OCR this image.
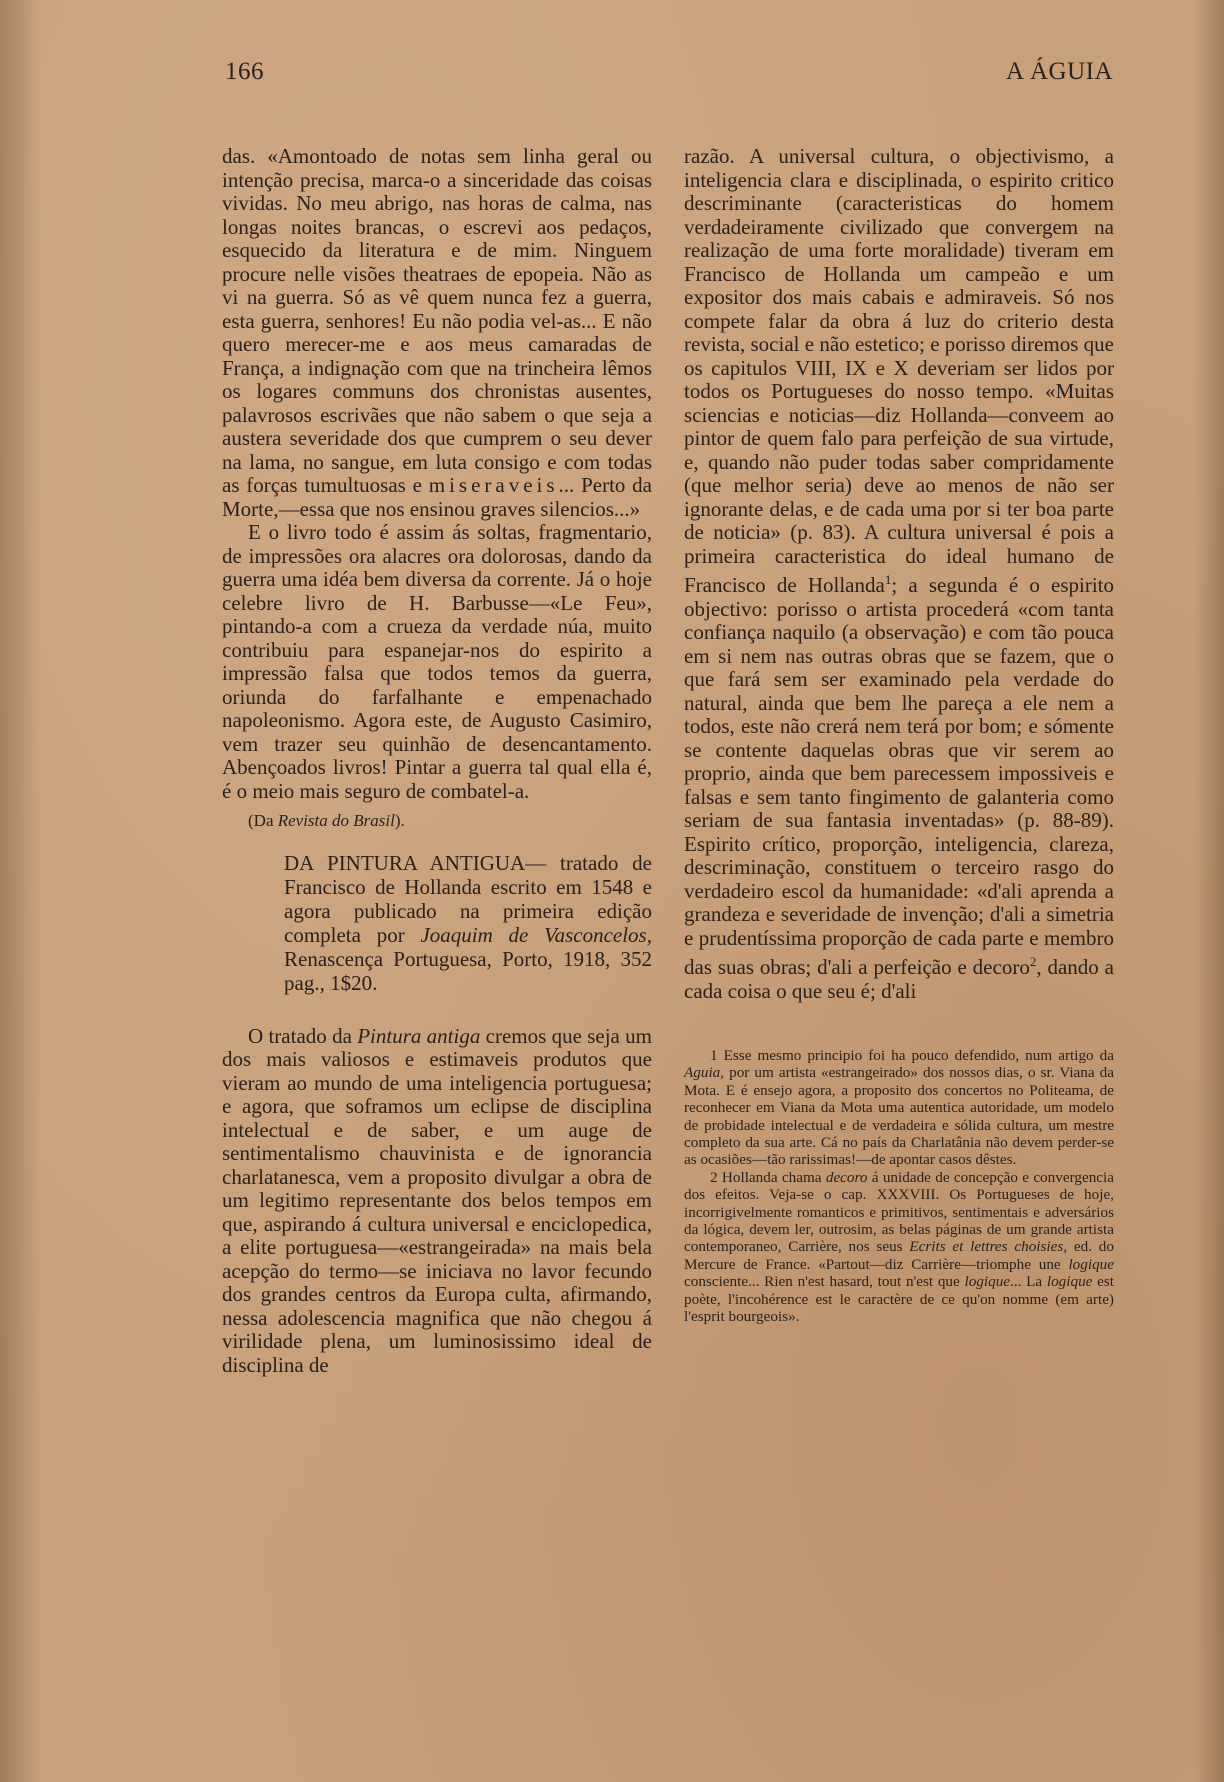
166	A ÁGUIA

das. «Amontoado de notas sem linha geral ou intenção precisa, marca-o a sinceridade das coisas vividas. No meu abrigo, nas horas de calma, nas longas noites brancas, o escrevi aos pedaços, esquecido da literatura e de mim. Ninguem procure nelle visões theatraes de epopeia. Não as vi na guerra. Só as vê quem nunca fez a guerra, esta guerra, senhores! Eu não podia vel-as... E não quero merecer-me e aos meus camaradas de França, a indignação com que na trincheira lêmos os logares communs dos chronistas ausentes, palavrosos escrivães que não sabem o que seja a austera severidade dos que cumprem o seu dever na lama, no sangue, em luta consigo e com todas as forças tumultuosas e miseraveis... Perto da Morte,—essa que nos ensinou graves silencios...»

E o livro todo é assim ás soltas, fragmentario, de impressões ora alacres ora dolorosas, dando da guerra uma idéa bem diversa da corrente. Já o hoje celebre livro de H. Barbusse—«Le Feu», pintando-a com a crueza da verdade núa, muito contribuiu para espanejar-nos do espirito a impressão falsa que todos temos da guerra, oriunda do farfalhante e empenachado napoleonismo. Agora este, de Augusto Casimiro, vem trazer seu quinhão de desencantamento. Abençoados livros! Pintar a guerra tal qual ella é, é o meio mais seguro de combatel-a.

(Da Revista do Brasil).

DA PINTURA ANTIGUA— tratado de Francisco de Hollanda escrito em 1548 e agora publicado na primeira edição completa por Joaquim de Vasconcelos, Renascença Portuguesa, Porto, 1918, 352 pag., 1$20.

O tratado da Pintura antiga cremos que seja um dos mais valiosos e estimaveis produtos que vieram ao mundo de uma inteligencia portuguesa; e agora, que soframos um eclipse de disciplina intelectual e de saber, e um auge de sentimentalismo chauvinista e de ignorancia charlatanesca, vem a proposito divulgar a obra de um legitimo representante dos belos tempos em que, aspirando á cultura universal e enciclopedica, a elite portuguesa—«estrangeirada» na mais bela acepção do termo—se iniciava no lavor fecundo dos grandes centros da Europa culta, afirmando, nessa adolescencia magnifica que não chegou á virilidade plena, um luminosissimo ideal de disciplina de

razão. A universal cultura, o objectivismo, a inteligencia clara e disciplinada, o espirito critico descriminante (caracteristicas do homem verdadeiramente civilizado que convergem na realização de uma forte moralidade) tiveram em Francisco de Hollanda um campeão e um expositor dos mais cabais e admiraveis. Só nos compete falar da obra á luz do criterio desta revista, social e não estetico; e porisso diremos que os capitulos VIII, IX e X deveriam ser lidos por todos os Portugueses do nosso tempo. «Muitas sciencias e noticias—diz Hollanda—conveem ao pintor de quem falo para perfeição de sua virtude, e, quando não puder todas saber compridamente (que melhor seria) deve ao menos de não ser ignorante delas, e de cada uma por si ter boa parte de noticia» (p. 83). A cultura universal é pois a primeira caracteristica do ideal humano de Francisco de Hollanda$^1$; a segunda é o espirito objectivo: porisso o artista procederá «com tanta confiança naquilo (a observação) e com tão pouca em si nem nas outras obras que se fazem, que o que fará sem ser examinado pela verdade do natural, ainda que bem lhe pareça a ele nem a todos, este não crerá nem terá por bom; e sómente se contente daquelas obras que vir serem ao proprio, ainda que bem parecessem impossiveis e falsas e sem tanto fingimento de galanteria como seriam de sua fantasia inventadas» (p. 88-89). Espirito crítico, proporção, inteligencia, clareza, descriminação, constituem o terceiro rasgo do verdadeiro escol da humanidade: «d'ali aprenda a grandeza e severidade de invenção; d'ali a simetria e prudentíssima proporção de cada parte e membro das suas obras; d'ali a perfeição e decoro$^2$, dando a cada coisa o que seu é; d'ali

1 Esse mesmo principio foi ha pouco defendido, num artigo da Aguia, por um artista «estrangeirado» dos nossos dias, o sr. Viana da Mota. E é ensejo agora, a proposito dos concertos no Politeama, de reconhecer em Viana da Mota uma autentica autoridade, um modelo de probidade intelectual e de verdadeira e sólida cultura, um mestre completo da sua arte. Cá no país da Charlatânia não devem perder-se as ocasiões—tão rarissimas!—de apontar casos dêstes.

2 Hollanda chama decoro á unidade de concepção e convergencia dos efeitos. Veja-se o cap. XXXVIII. Os Portugueses de hoje, incorrigivelmente romanticos e primitivos, sentimentais e adversários da lógica, devem ler, outrosim, as belas páginas de um grande artista contemporaneo, Carrière, nos seus Ecrits et lettres choisies, ed. do Mercure de France. «Partout—diz Carrière—triomphe une logique consciente... Rien n'est hasard, tout n'est que logique... La logique est poète, l'incohérence est le caractère de ce qu'on nomme (em arte) l'esprit bourgeois».
